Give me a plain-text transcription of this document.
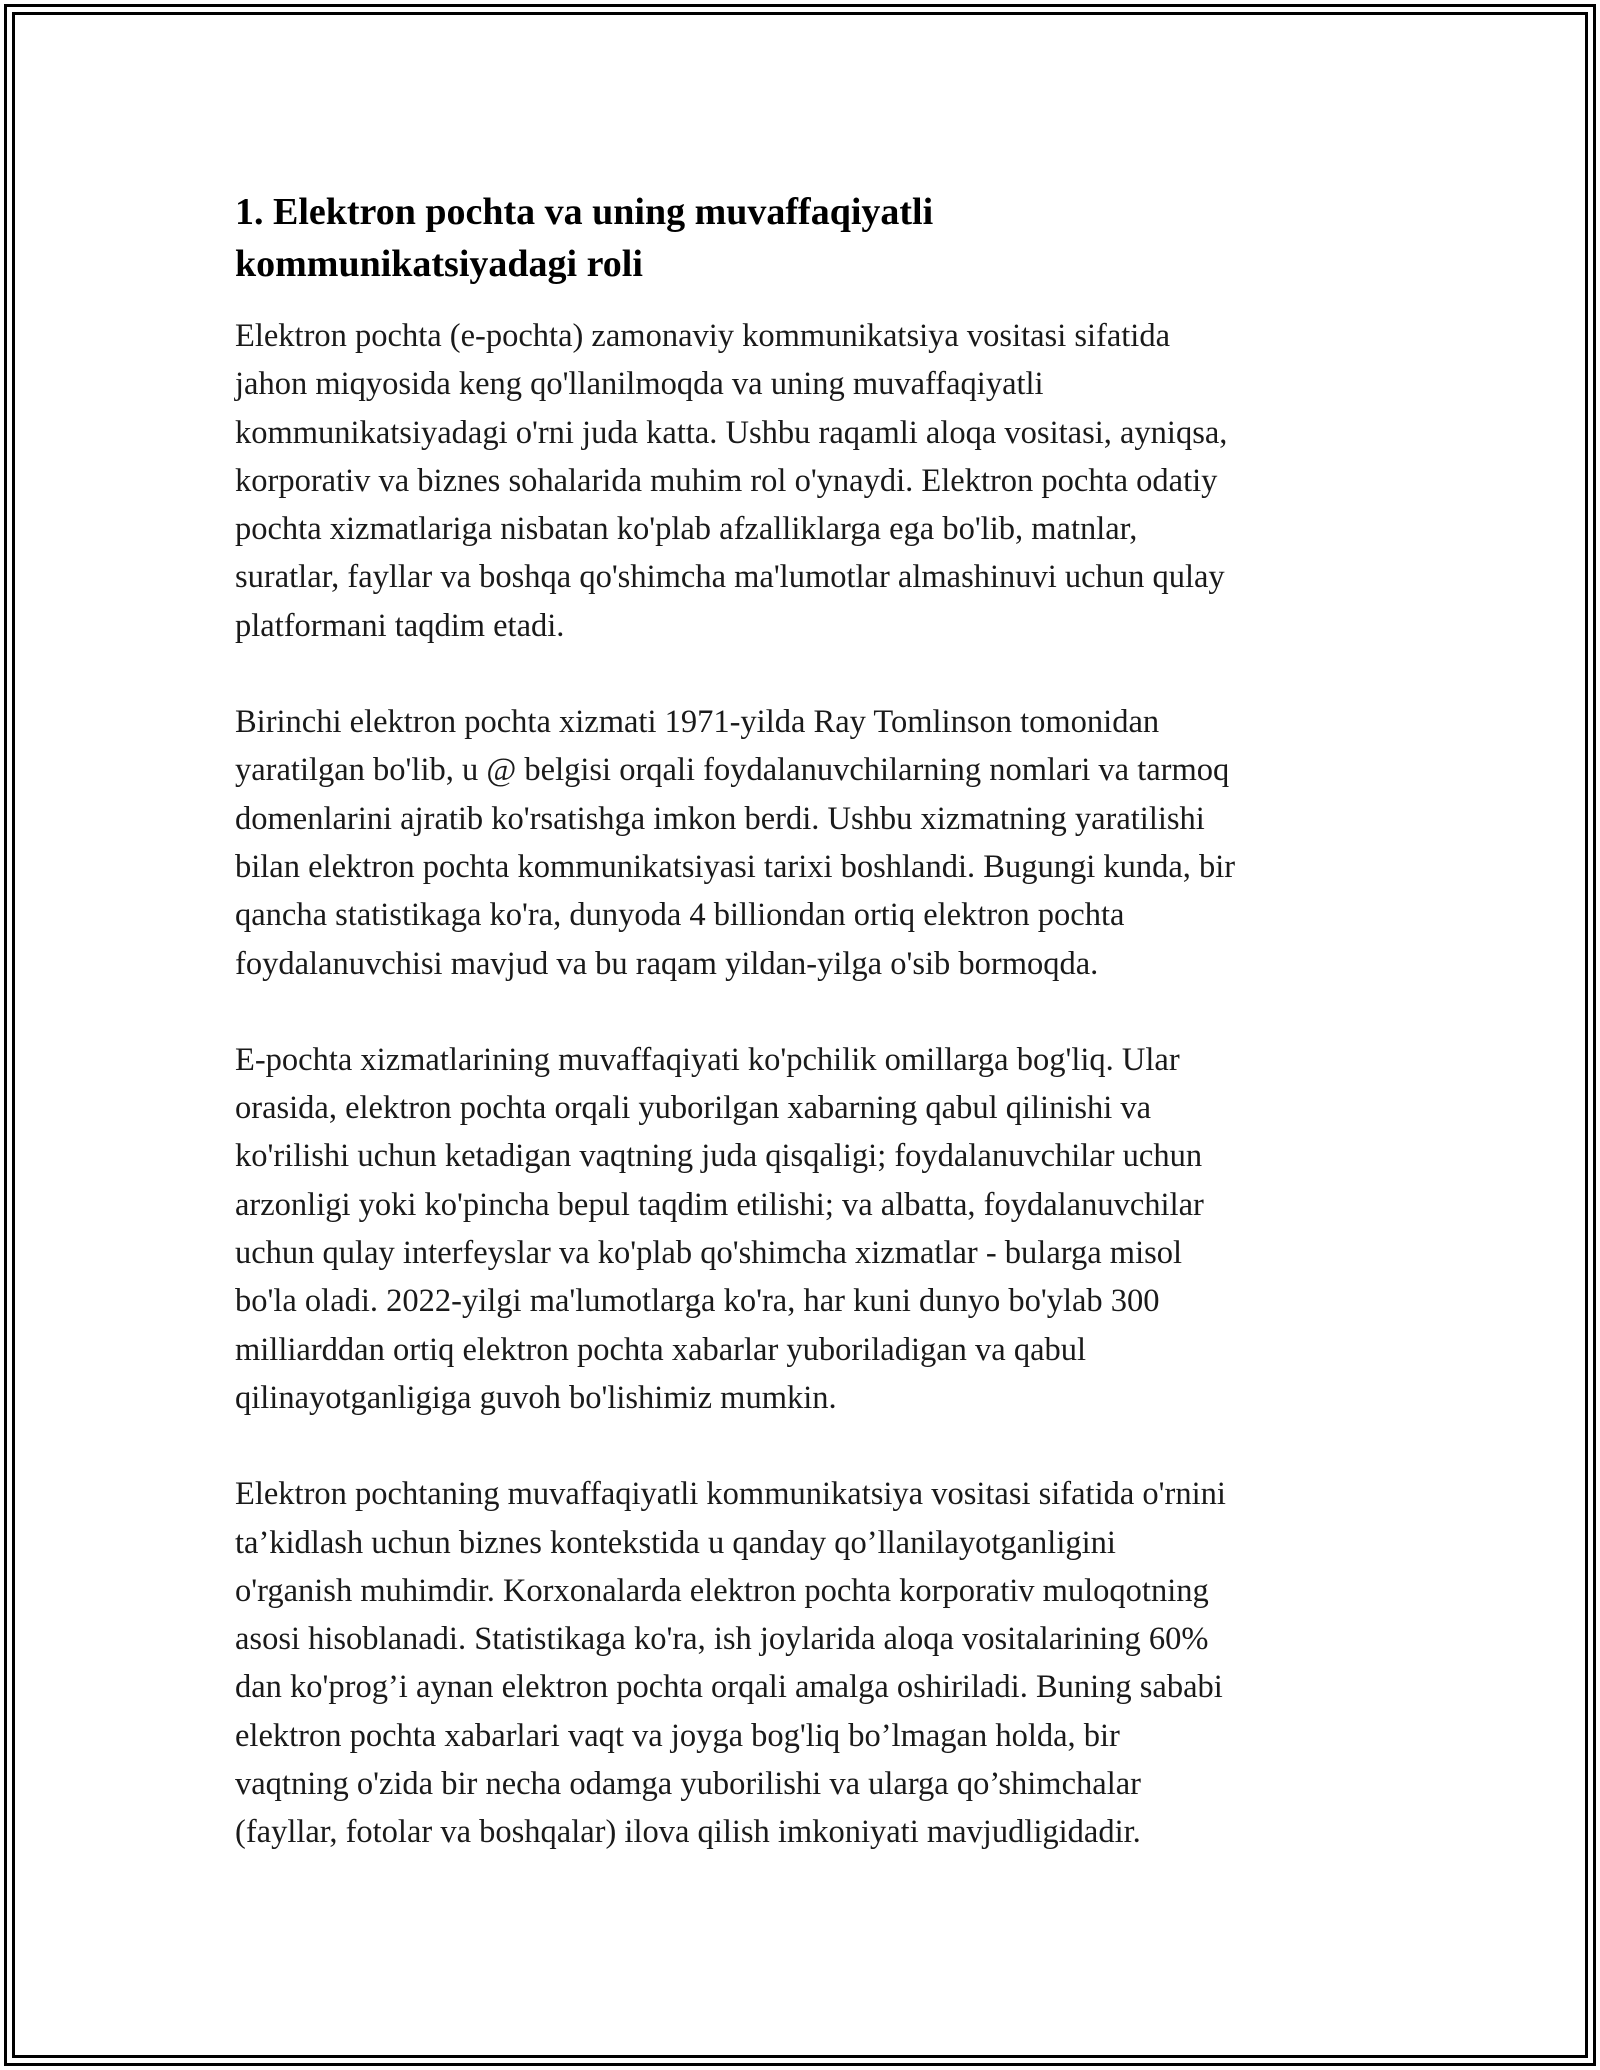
1. Elektron pochta va uning muvaffaqiyatli
kommunikatsiyadagi roli

Elektron pochta (e-pochta) zamonaviy kommunikatsiya vositasi sifatida
jahon miqyosida keng qo'llanilmoqda va uning muvaffaqiyatli
kommunikatsiyadagi o'rni juda katta. Ushbu raqamli aloqa vositasi, ayniqsa,
korporativ va biznes sohalarida muhim rol o'ynaydi. Elektron pochta odatiy
pochta xizmatlariga nisbatan ko'plab afzalliklarga ega bo'lib, matnlar,
suratlar, fayllar va boshqa qo'shimcha ma'lumotlar almashinuvi uchun qulay
platformani taqdim etadi.

Birinchi elektron pochta xizmati 1971-yilda Ray Tomlinson tomonidan
yaratilgan bo'lib, u @ belgisi orqali foydalanuvchilarning nomlari va tarmoq
domenlarini ajratib ko'rsatishga imkon berdi. Ushbu xizmatning yaratilishi
bilan elektron pochta kommunikatsiyasi tarixi boshlandi. Bugungi kunda, bir
qancha statistikaga ko'ra, dunyoda 4 billiondan ortiq elektron pochta
foydalanuvchisi mavjud va bu raqam yildan-yilga o'sib bormoqda.

E-pochta xizmatlarining muvaffaqiyati ko'pchilik omillarga bog'liq. Ular
orasida, elektron pochta orqali yuborilgan xabarning qabul qilinishi va
ko'rilishi uchun ketadigan vaqtning juda qisqaligi; foydalanuvchilar uchun
arzonligi yoki ko'pincha bepul taqdim etilishi; va albatta, foydalanuvchilar
uchun qulay interfeyslar va ko'plab qo'shimcha xizmatlar - bularga misol
bo'la oladi. 2022-yilgi ma'lumotlarga ko'ra, har kuni dunyo bo'ylab 300
milliarddan ortiq elektron pochta xabarlar yuboriladigan va qabul
qilinayotganligiga guvoh bo'lishimiz mumkin.

Elektron pochtaning muvaffaqiyatli kommunikatsiya vositasi sifatida o'rnini
ta’kidlash uchun biznes kontekstida u qanday qo’llanilayotganligini
o'rganish muhimdir. Korxonalarda elektron pochta korporativ muloqotning
asosi hisoblanadi. Statistikaga ko'ra, ish joylarida aloqa vositalarining 60%
dan ko'prog’i aynan elektron pochta orqali amalga oshiriladi. Buning sababi
elektron pochta xabarlari vaqt va joyga bog'liq bo’lmagan holda, bir
vaqtning o'zida bir necha odamga yuborilishi va ularga qo’shimchalar
(fayllar, fotolar va boshqalar) ilova qilish imkoniyati mavjudligidadir.
